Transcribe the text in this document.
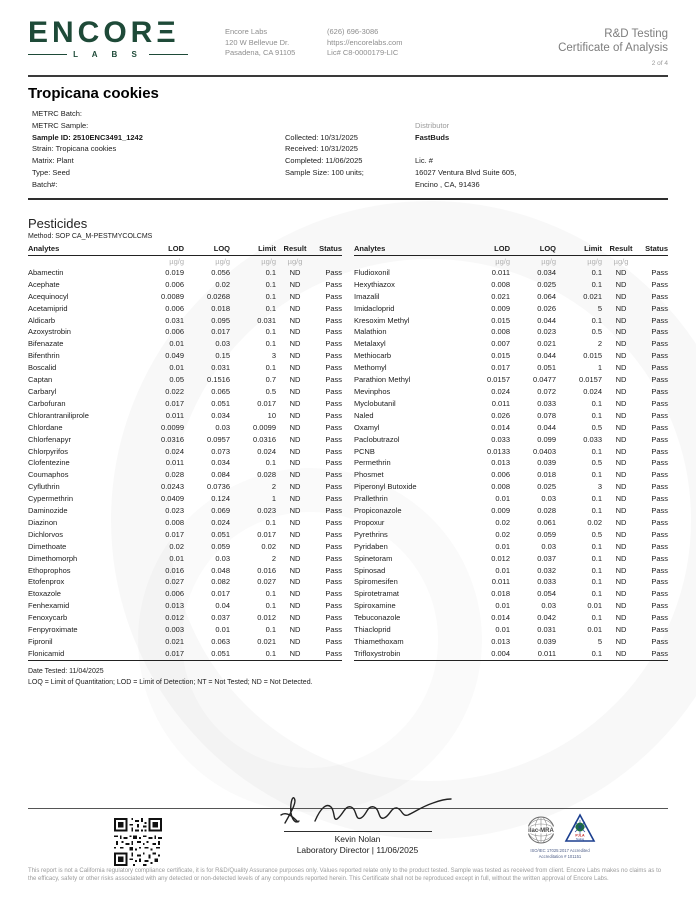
ENCORΞ
L A B S
Encore Labs
120 W Bellevue Dr.
Pasadena, CA 91105
(626) 696-3086
https://encorelabs.com
Lic# C8-0000179-LIC
R&D Testing
Certificate of Analysis
2 of 4
Tropicana cookies
METRC Batch:
METRC Sample:
Sample ID: 2510ENC3491_1242
Strain: Tropicana cookies
Matrix: Plant
Type: Seed
Batch#:
Collected: 10/31/2025
Received: 10/31/2025
Completed: 11/06/2025
Sample Size: 100 units;
Distributor
FastBuds

Lic. #
16027 Ventura Blvd Suite 605,
Encino , CA, 91436
Pesticides
Method: SOP CA_M-PESTMYCOLCMS
Analytes	LOD	LOQ	Limit	Result	Status
	µg/g	µg/g	µg/g	µg/g	
Abamectin	0.019	0.056	0.1	ND	Pass
Acephate	0.006	0.02	0.1	ND	Pass
Acequinocyl	0.0089	0.0268	0.1	ND	Pass
Acetamiprid	0.006	0.018	0.1	ND	Pass
Aldicarb	0.031	0.095	0.031	ND	Pass
Azoxystrobin	0.006	0.017	0.1	ND	Pass
Bifenazate	0.01	0.03	0.1	ND	Pass
Bifenthrin	0.049	0.15	3	ND	Pass
Boscalid	0.01	0.031	0.1	ND	Pass
Captan	0.05	0.1516	0.7	ND	Pass
Carbaryl	0.022	0.065	0.5	ND	Pass
Carbofuran	0.017	0.051	0.017	ND	Pass
Chlorantraniliprole	0.011	0.034	10	ND	Pass
Chlordane	0.0099	0.03	0.0099	ND	Pass
Chlorfenapyr	0.0316	0.0957	0.0316	ND	Pass
Chlorpyrifos	0.024	0.073	0.024	ND	Pass
Clofentezine	0.011	0.034	0.1	ND	Pass
Coumaphos	0.028	0.084	0.028	ND	Pass
Cyfluthrin	0.0243	0.0736	2	ND	Pass
Cypermethrin	0.0409	0.124	1	ND	Pass
Daminozide	0.023	0.069	0.023	ND	Pass
Diazinon	0.008	0.024	0.1	ND	Pass
Dichlorvos	0.017	0.051	0.017	ND	Pass
Dimethoate	0.02	0.059	0.02	ND	Pass
Dimethomorph	0.01	0.03	2	ND	Pass
Ethoprophos	0.016	0.048	0.016	ND	Pass
Etofenprox	0.027	0.082	0.027	ND	Pass
Etoxazole	0.006	0.017	0.1	ND	Pass
Fenhexamid	0.013	0.04	0.1	ND	Pass
Fenoxycarb	0.012	0.037	0.012	ND	Pass
Fenpyroximate	0.003	0.01	0.1	ND	Pass
Fipronil	0.021	0.063	0.021	ND	Pass
Flonicamid	0.017	0.051	0.1	ND	Pass
Analytes	LOD	LOQ	Limit	Result	Status
	µg/g	µg/g	µg/g	µg/g	
Fludioxonil	0.011	0.034	0.1	ND	Pass
Hexythiazox	0.008	0.025	0.1	ND	Pass
Imazalil	0.021	0.064	0.021	ND	Pass
Imidacloprid	0.009	0.026	5	ND	Pass
Kresoxim Methyl	0.015	0.044	0.1	ND	Pass
Malathion	0.008	0.023	0.5	ND	Pass
Metalaxyl	0.007	0.021	2	ND	Pass
Methiocarb	0.015	0.044	0.015	ND	Pass
Methomyl	0.017	0.051	1	ND	Pass
Parathion Methyl	0.0157	0.0477	0.0157	ND	Pass
Mevinphos	0.024	0.072	0.024	ND	Pass
Myclobutanil	0.011	0.033	0.1	ND	Pass
Naled	0.026	0.078	0.1	ND	Pass
Oxamyl	0.014	0.044	0.5	ND	Pass
Paclobutrazol	0.033	0.099	0.033	ND	Pass
PCNB	0.0133	0.0403	0.1	ND	Pass
Permethrin	0.013	0.039	0.5	ND	Pass
Phosmet	0.006	0.018	0.1	ND	Pass
Piperonyl Butoxide	0.008	0.025	3	ND	Pass
Prallethrin	0.01	0.03	0.1	ND	Pass
Propiconazole	0.009	0.028	0.1	ND	Pass
Propoxur	0.02	0.061	0.02	ND	Pass
Pyrethrins	0.02	0.059	0.5	ND	Pass
Pyridaben	0.01	0.03	0.1	ND	Pass
Spinetoram	0.012	0.037	0.1	ND	Pass
Spinosad	0.01	0.032	0.1	ND	Pass
Spiromesifen	0.011	0.033	0.1	ND	Pass
Spirotetramat	0.018	0.054	0.1	ND	Pass
Spiroxamine	0.01	0.03	0.01	ND	Pass
Tebuconazole	0.014	0.042	0.1	ND	Pass
Thiacloprid	0.01	0.031	0.01	ND	Pass
Thiamethoxam	0.013	0.039	5	ND	Pass
Trifloxystrobin	0.004	0.011	0.1	ND	Pass
Date Tested: 11/04/2025
LOQ = Limit of Quantitation; LOD = Limit of Detection; NT = Not Tested; ND = Not Detected.
Kevin Nolan
Laboratory Director | 11/06/2025
ilac-MRA
PJLA
Testing
ISO/IEC 17025:2017 Accredited
Accreditation # 101151
This report is not a California regulatory compliance certificate, it is for R&D/Quality Assurance purposes only. Values reported relate only to the product tested. Sample was tested as received from client. Encore Labs makes no claims as to the efficacy, safety or other risks associated with any detected or non-detected levels of any compounds reported herein. This Certificate shall not be reproduced except in full, without the written approval of Encore Labs.
